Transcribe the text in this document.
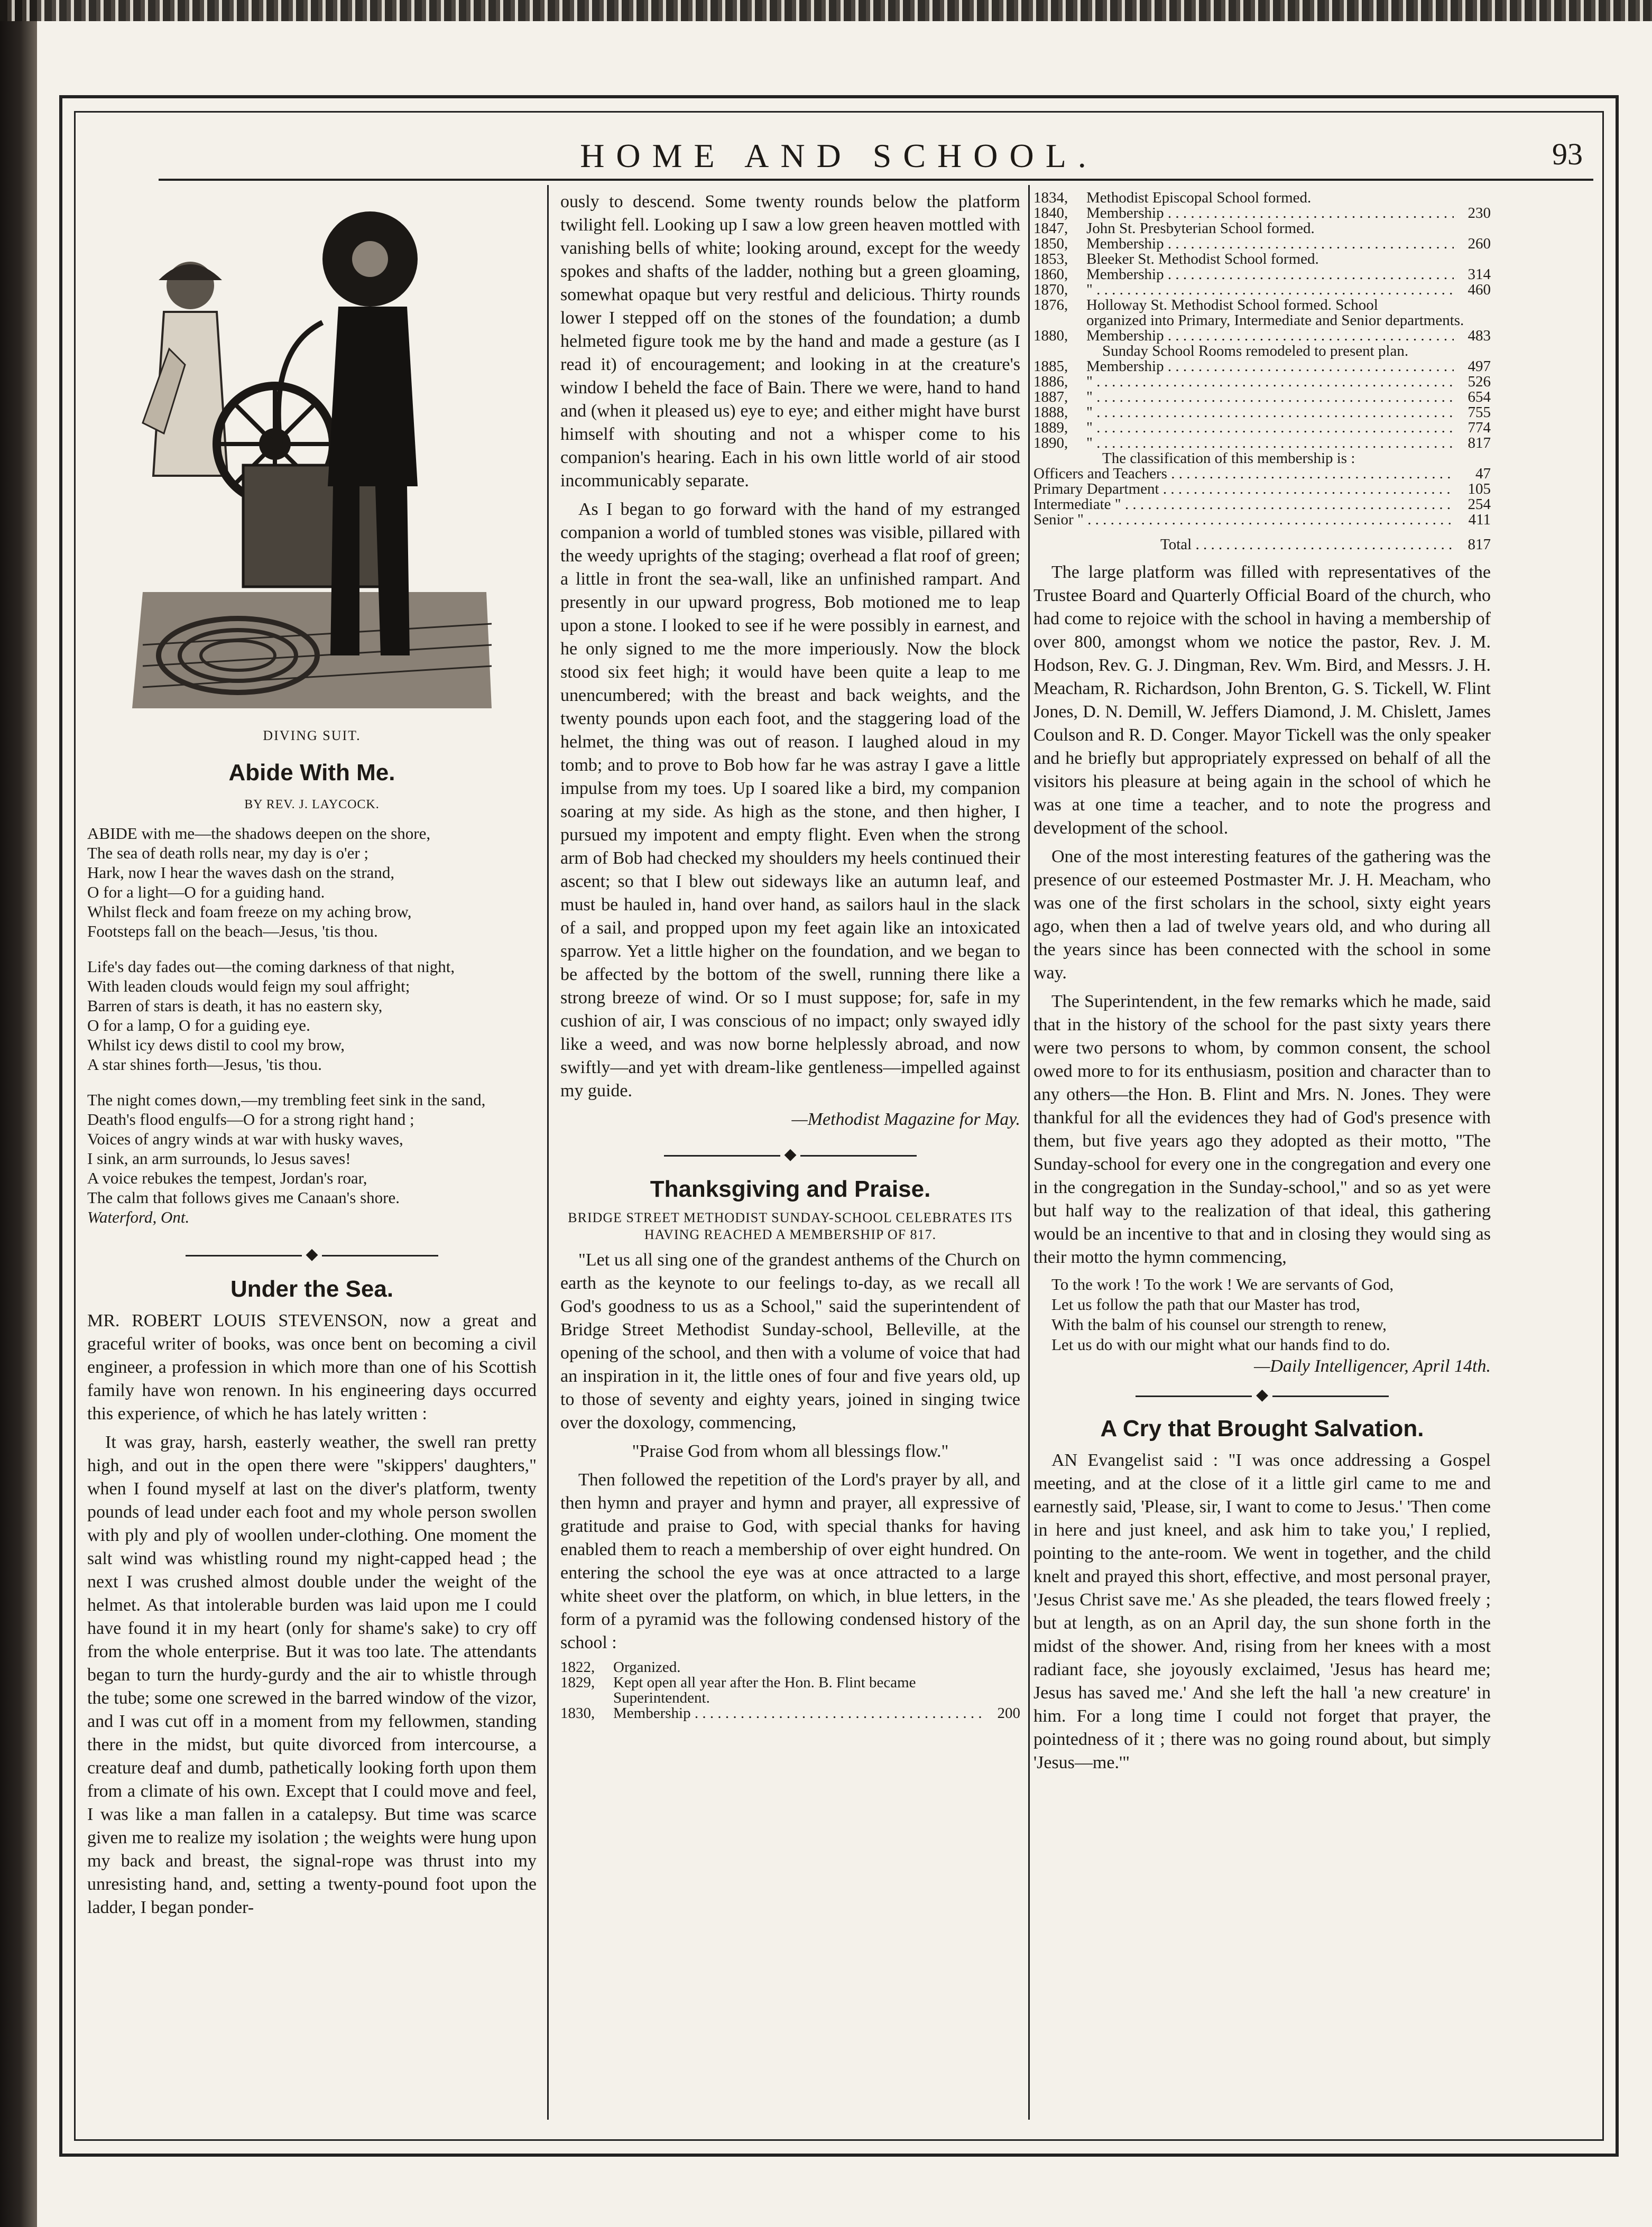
HOME AND SCHOOL.	93
DIVING SUIT.
Abide With Me.
BY REV. J. LAYCOCK.
ABIDE with me—the shadows deepen on the shore,
The sea of death rolls near, my day is o'er ;
Hark, now I hear the waves dash on the strand,
O for a light—O for a guiding hand.
Whilst fleck and foam freeze on my aching brow,
Footsteps fall on the beach—Jesus, 'tis thou.
Life's day fades out—the coming darkness of that night,
With leaden clouds would feign my soul affright;
Barren of stars is death, it has no eastern sky,
O for a lamp, O for a guiding eye.
Whilst icy dews distil to cool my brow,
A star shines forth—Jesus, 'tis thou.
The night comes down,—my trembling feet sink in the sand,
Death's flood engulfs—O for a strong right hand ;
Voices of angry winds at war with husky waves,
I sink, an arm surrounds, lo Jesus saves!
A voice rebukes the tempest, Jordan's roar,
The calm that follows gives me Canaan's shore.
Waterford, Ont.
◆
Under the Sea.

MR. ROBERT LOUIS STEVENSON, now a great and graceful writer of books, was once bent on becoming a civil engineer, a profession in which more than one of his Scottish family have won renown. In his engineering days occurred this experience, of which he has lately written :

It was gray, harsh, easterly weather, the swell ran pretty high, and out in the open there were "skippers' daughters," when I found myself at last on the diver's platform, twenty pounds of lead under each foot and my whole person swollen with ply and ply of woollen under-clothing. One moment the salt wind was whistling round my night-capped head ; the next I was crushed almost double under the weight of the helmet. As that intolerable burden was laid upon me I could have found it in my heart (only for shame's sake) to cry off from the whole enterprise. But it was too late. The attendants began to turn the hurdy-gurdy and the air to whistle through the tube; some one screwed in the barred window of the vizor, and I was cut off in a moment from my fellowmen, standing there in the midst, but quite divorced from intercourse, a creature deaf and dumb, pathetically looking forth upon them from a climate of his own. Except that I could move and feel, I was like a man fallen in a catalepsy. But time was scarce given me to realize my isolation ; the weights were hung upon my back and breast, the signal-rope was thrust into my unresisting hand, and, setting a twenty-pound foot upon the ladder, I began ponder-

ously to descend. Some twenty rounds below the platform twilight fell. Looking up I saw a low green heaven mottled with vanishing bells of white; looking around, except for the weedy spokes and shafts of the ladder, nothing but a green gloaming, somewhat opaque but very restful and delicious. Thirty rounds lower I stepped off on the stones of the foundation; a dumb helmeted figure took me by the hand and made a gesture (as I read it) of encouragement; and looking in at the creature's window I beheld the face of Bain. There we were, hand to hand and (when it pleased us) eye to eye; and either might have burst himself with shouting and not a whisper come to his companion's hearing. Each in his own little world of air stood incommunicably separate.

As I began to go forward with the hand of my estranged companion a world of tumbled stones was visible, pillared with the weedy uprights of the staging; overhead a flat roof of green; a little in front the sea-wall, like an unfinished rampart. And presently in our upward progress, Bob motioned me to leap upon a stone. I looked to see if he were possibly in earnest, and he only signed to me the more imperiously. Now the block stood six feet high; it would have been quite a leap to me unencumbered; with the breast and back weights, and the twenty pounds upon each foot, and the staggering load of the helmet, the thing was out of reason. I laughed aloud in my tomb; and to prove to Bob how far he was astray I gave a little impulse from my toes. Up I soared like a bird, my companion soaring at my side. As high as the stone, and then higher, I pursued my impotent and empty flight. Even when the strong arm of Bob had checked my shoulders my heels continued their ascent; so that I blew out sideways like an autumn leaf, and must be hauled in, hand over hand, as sailors haul in the slack of a sail, and propped upon my feet again like an intoxicated sparrow. Yet a little higher on the foundation, and we began to be affected by the bottom of the swell, running there like a strong breeze of wind. Or so I must suppose; for, safe in my cushion of air, I was conscious of no impact; only swayed idly like a weed, and was now borne helplessly abroad, and now swiftly—and yet with dream-like gentleness—impelled against my guide.

—Methodist Magazine for May.

◆
Thanksgiving and Praise.
BRIDGE STREET METHODIST SUNDAY-SCHOOL CELEBRATES ITS HAVING REACHED A MEMBERSHIP OF 817.

"Let us all sing one of the grandest anthems of the Church on earth as the keynote to our feelings to-day, as we recall all God's goodness to us as a School," said the superintendent of Bridge Street Methodist Sunday-school, Belleville, at the opening of the school, and then with a volume of voice that had an inspiration in it, the little ones of four and five years old, up to those of seventy and eighty years, joined in singing twice over the doxology, commencing,

"Praise God from whom all blessings flow."

Then followed the repetition of the Lord's prayer by all, and then hymn and prayer and hymn and prayer, all expressive of gratitude and praise to God, with special thanks for having enabled them to reach a membership of over eight hundred. On entering the school the eye was at once attracted to a large white sheet over the platform, on which, in blue letters, in the form of a pyramid was the following condensed history of the school :

1822,	Organized.
1829,	Kept open all year after the Hon. B. Flint became
Superintendent.
1830,	Membership . . .	200
1834,	Methodist Episcopal School formed.
1840,	Membership . . .	230
1847,	John St. Presbyterian School formed.
1850,	Membership . . .	260
1853,	Bleeker St. Methodist School formed.
1860,	Membership . . .	314
1870,	" . . .	460
1876,	Holloway St. Methodist School formed. School
organized into Primary, Intermediate and Senior departments.
1880,	Membership . . .	483
Sunday School Rooms remodeled to present plan.
1885,	Membership . . .	497
1886,	" . . .	526
1887,	" . . .	654
1888,	" . . .	755
1889,	" . . .	774
1890,	" . . .	817
The classification of this membership is :
Officers and Teachers . . .	47
Primary Department . . .	105
Intermediate " . . .	254
Senior " . . .	411
Total . . .	817

The large platform was filled with representatives of the Trustee Board and Quarterly Official Board of the church, who had come to rejoice with the school in having a membership of over 800, amongst whom we notice the pastor, Rev. J. M. Hodson, Rev. G. J. Dingman, Rev. Wm. Bird, and Messrs. J. H. Meacham, R. Richardson, John Brenton, G. S. Tickell, W. Flint Jones, D. N. Demill, W. Jeffers Diamond, J. M. Chislett, James Coulson and R. D. Conger. Mayor Tickell was the only speaker and he briefly but appropriately expressed on behalf of all the visitors his pleasure at being again in the school of which he was at one time a teacher, and to note the progress and development of the school.

One of the most interesting features of the gathering was the presence of our esteemed Postmaster Mr. J. H. Meacham, who was one of the first scholars in the school, sixty eight years ago, when then a lad of twelve years old, and who during all the years since has been connected with the school in some way.

The Superintendent, in the few remarks which he made, said that in the history of the school for the past sixty years there were two persons to whom, by common consent, the school owed more to for its enthusiasm, position and character than to any others—the Hon. B. Flint and Mrs. N. Jones. They were thankful for all the evidences they had of God's presence with them, but five years ago they adopted as their motto, "The Sunday-school for every one in the congregation and every one in the congregation in the Sunday-school," and so as yet were but half way to the realization of that ideal, this gathering would be an incentive to that and in closing they would sing as their motto the hymn commencing,

To the work ! To the work ! We are servants of God,
Let us follow the path that our Master has trod,
With the balm of his counsel our strength to renew,
Let us do with our might what our hands find to do.

—Daily Intelligencer, April 14th.

◆
A Cry that Brought Salvation.

AN Evangelist said : "I was once addressing a Gospel meeting, and at the close of it a little girl came to me and earnestly said, 'Please, sir, I want to come to Jesus.' 'Then come in here and just kneel, and ask him to take you,' I replied, pointing to the ante-room. We went in together, and the child knelt and prayed this short, effective, and most personal prayer, 'Jesus Christ save me.' As she pleaded, the tears flowed freely ; but at length, as on an April day, the sun shone forth in the midst of the shower. And, rising from her knees with a most radiant face, she joyously exclaimed, 'Jesus has heard me; Jesus has saved me.' And she left the hall 'a new creature' in him. For a long time I could not forget that prayer, the pointedness of it ; there was no going round about, but simply 'Jesus—me.'"
